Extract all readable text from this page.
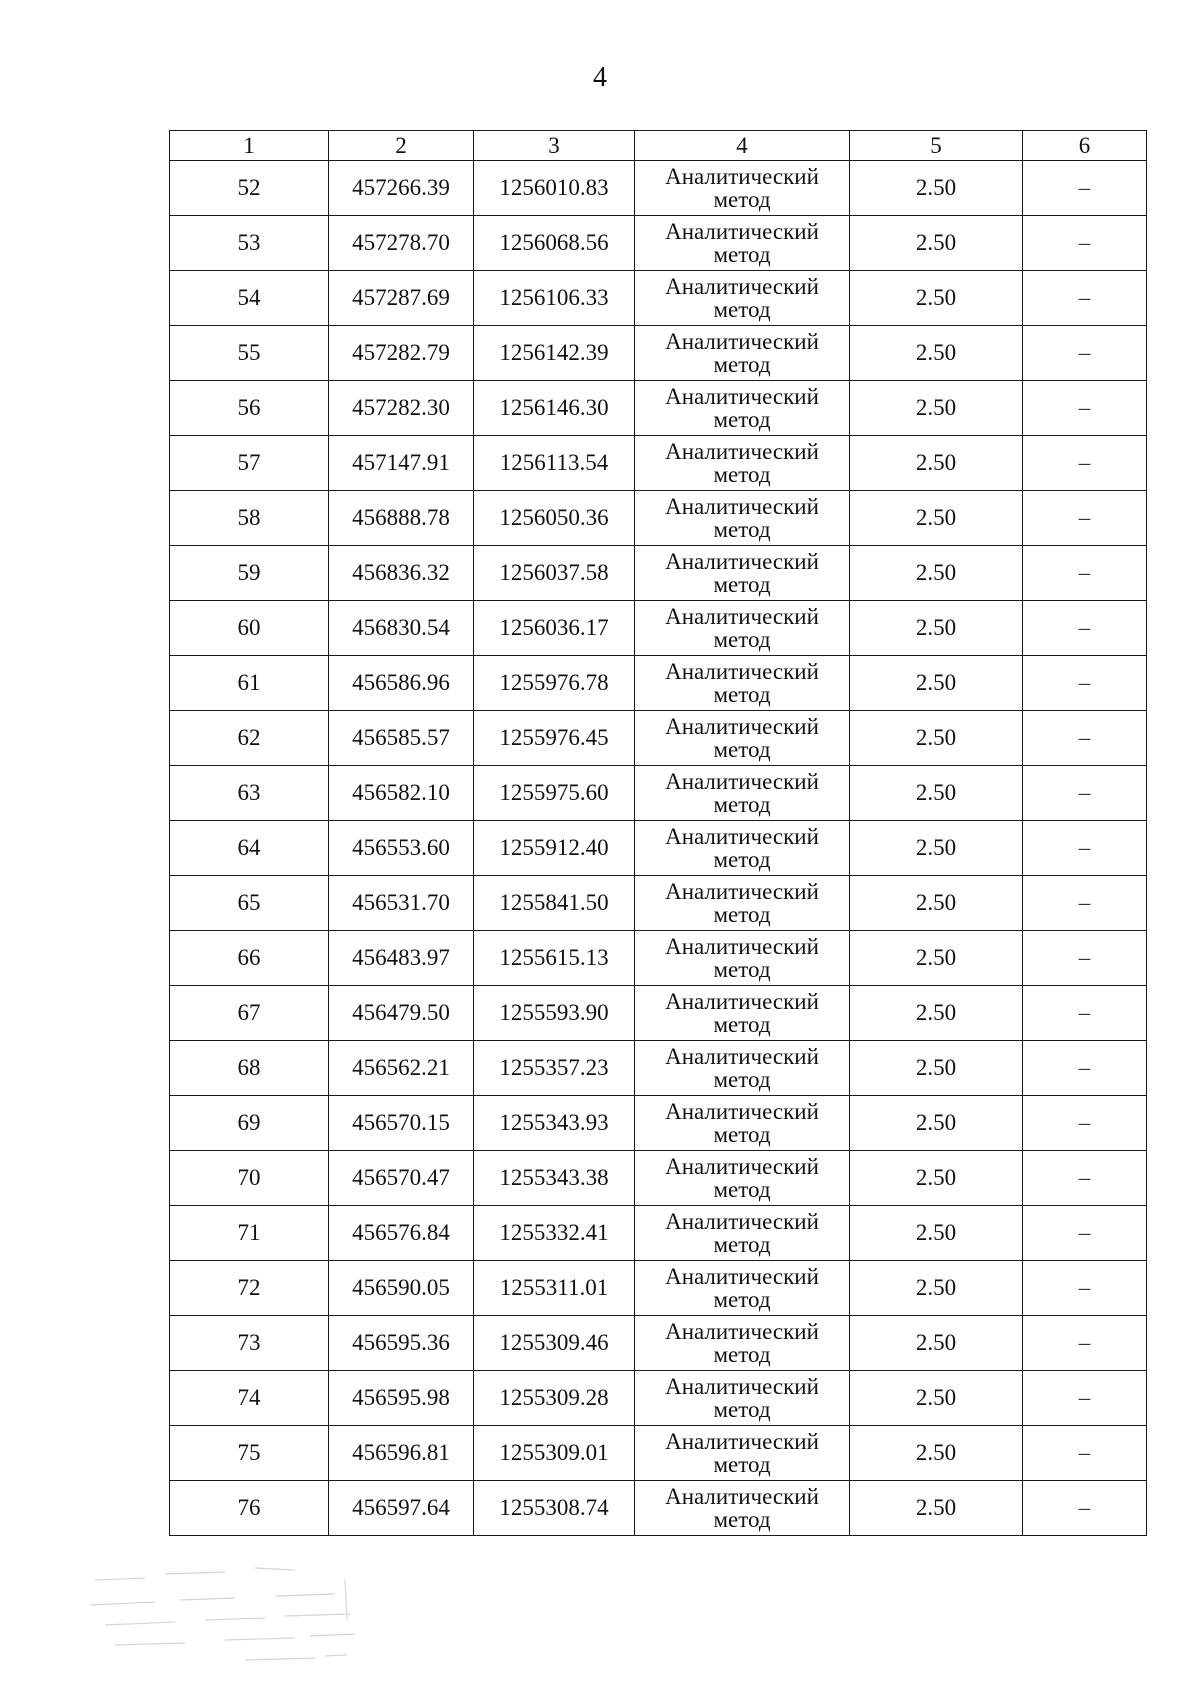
4
1	2	3	4	5	6
52	457266.39	1256010.83	Аналитический
метод	2.50	–
53	457278.70	1256068.56	Аналитический
метод	2.50	–
54	457287.69	1256106.33	Аналитический
метод	2.50	–
55	457282.79	1256142.39	Аналитический
метод	2.50	–
56	457282.30	1256146.30	Аналитический
метод	2.50	–
57	457147.91	1256113.54	Аналитический
метод	2.50	–
58	456888.78	1256050.36	Аналитический
метод	2.50	–
59	456836.32	1256037.58	Аналитический
метод	2.50	–
60	456830.54	1256036.17	Аналитический
метод	2.50	–
61	456586.96	1255976.78	Аналитический
метод	2.50	–
62	456585.57	1255976.45	Аналитический
метод	2.50	–
63	456582.10	1255975.60	Аналитический
метод	2.50	–
64	456553.60	1255912.40	Аналитический
метод	2.50	–
65	456531.70	1255841.50	Аналитический
метод	2.50	–
66	456483.97	1255615.13	Аналитический
метод	2.50	–
67	456479.50	1255593.90	Аналитический
метод	2.50	–
68	456562.21	1255357.23	Аналитический
метод	2.50	–
69	456570.15	1255343.93	Аналитический
метод	2.50	–
70	456570.47	1255343.38	Аналитический
метод	2.50	–
71	456576.84	1255332.41	Аналитический
метод	2.50	–
72	456590.05	1255311.01	Аналитический
метод	2.50	–
73	456595.36	1255309.46	Аналитический
метод	2.50	–
74	456595.98	1255309.28	Аналитический
метод	2.50	–
75	456596.81	1255309.01	Аналитический
метод	2.50	–
76	456597.64	1255308.74	Аналитический
метод	2.50	–
